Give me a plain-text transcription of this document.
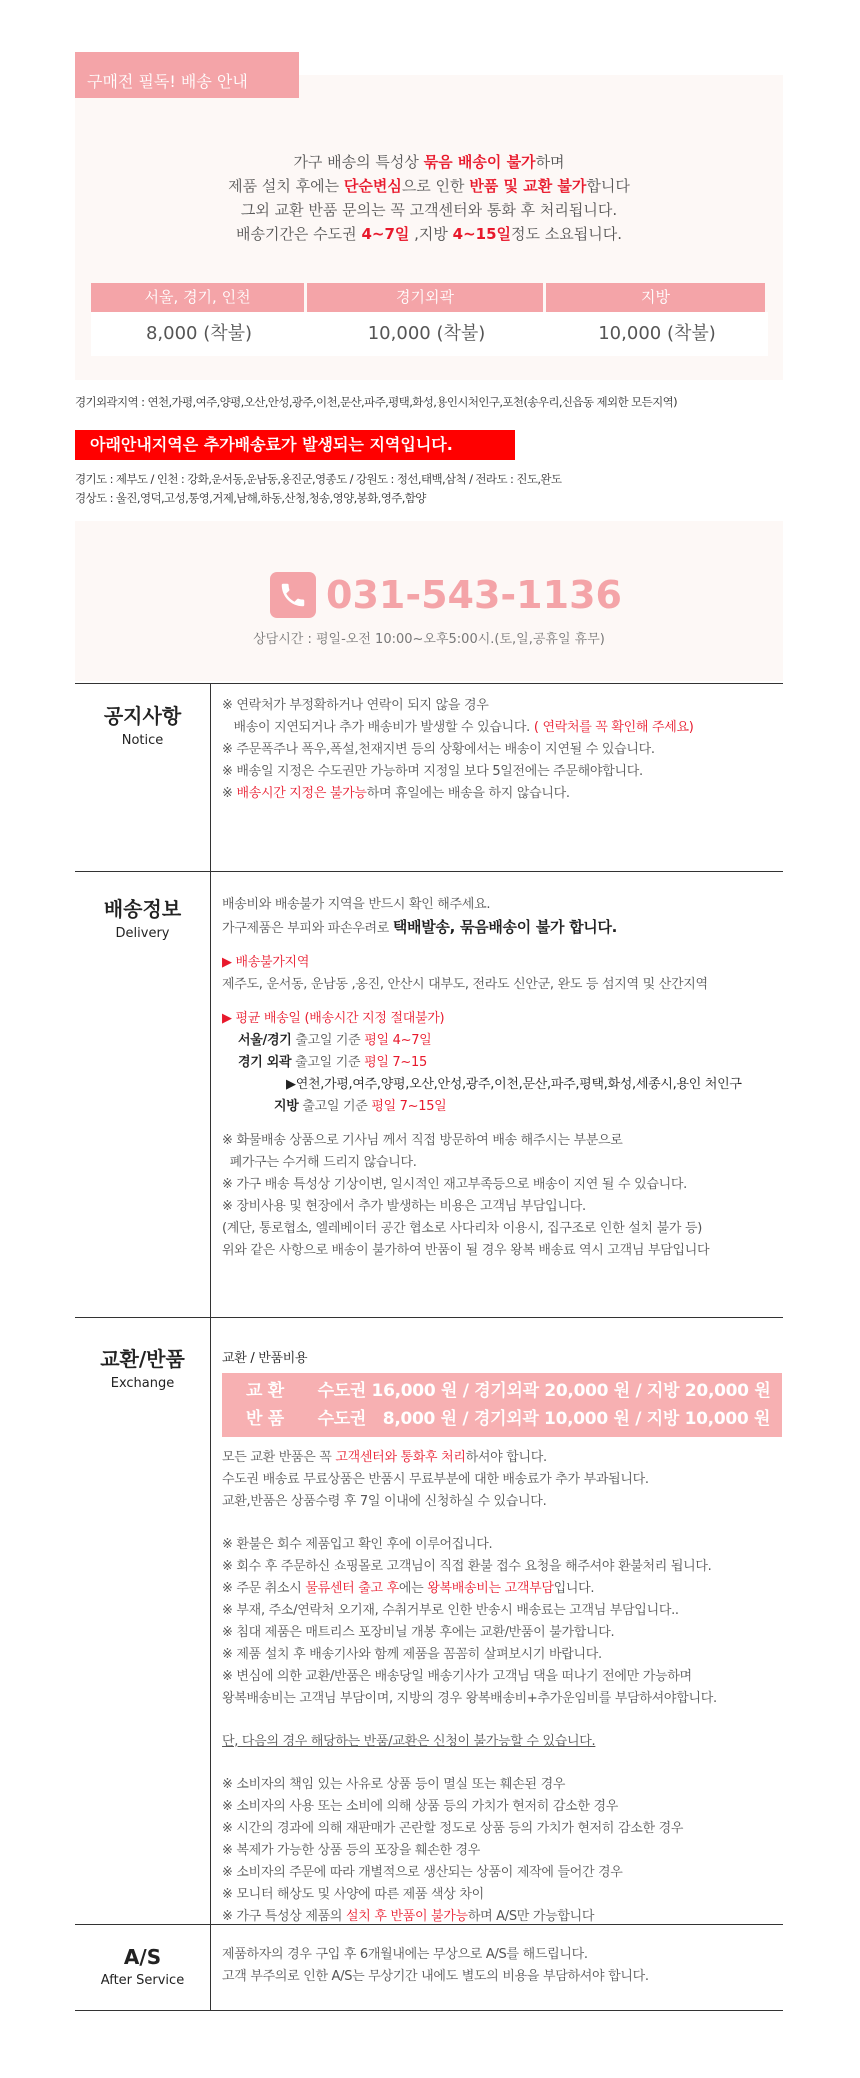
구매전 필독! 배송 안내

가구 배송의 특성상 묶음 배송이 불가하며

제품 설치 후에는 단순변심으로 인한 반품 및 교환 불가합니다

그외 교환 반품 문의는 꼭 고객센터와 통화 후 처리됩니다.

배송기간은 수도권 4~7일 ,지방 4~15일정도 소요됩니다.

서울, 경기, 인천	경기외곽	지방
8,000 (착불)	10,000 (착불)	10,000 (착불)
경기외곽지역 : 연천,가평,여주,양평,오산,안성,광주,이천,문산,파주,평택,화성,용인시처인구,포천(송우리,신읍동 제외한 모든지역)
아래안내지역은 추가배송료가 발생되는 지역입니다.

경기도 : 제부도 / 인천 : 강화,운서동,운남동,옹진군,영종도 / 강원도 : 정선,태백,삼척 / 전라도 : 진도,완도

경상도 : 울진,영덕,고성,통영,거제,남해,하동,산청,청송,영양,봉화,영주,함양

031-543-1136
상담시간 : 평일-오전 10:00~오후5:00시.(토,일,공휴일 휴무)
공지사항
Notice

※ 연락처가 부정확하거나 연락이 되지 않을 경우

배송이 지연되거나 추가 배송비가 발생할 수 있습니다. ( 연락처를 꼭 확인해 주세요)

※ 주문폭주나 폭우,폭설,천재지변 등의 상황에서는 배송이 지연될 수 있습니다.

※ 배송일 지정은 수도권만 가능하며 지정일 보다 5일전에는 주문해야합니다.

※ 배송시간 지정은 불가능하며 휴일에는 배송을 하지 않습니다.

배송정보
Delivery

배송비와 배송불가 지역을 반드시 확인 해주세요.

가구제품은 부피와 파손우려로 택배발송, 묶음배송이 불가 합니다.

▶ 배송불가지역

제주도, 운서동, 운남동 ,옹진, 안산시 대부도, 전라도 신안군, 완도 등 섬지역 및 산간지역

▶ 평균 배송일 (배송시간 지정 절대불가)

서울/경기 출고일 기준 평일 4~7일

경기 외곽 출고일 기준 평일 7~15

▶연천,가평,여주,양평,오산,안성,광주,이천,문산,파주,평택,화성,세종시,용인 처인구

지방 출고일 기준 평일 7~15일

※ 화물배송 상품으로 기사님 께서 직접 방문하여 배송 해주시는 부분으로

폐가구는 수거해 드리지 않습니다.

※ 가구 배송 특성상 기상이변, 일시적인 재고부족등으로 배송이 지연 될 수 있습니다.

※ 장비사용 및 현장에서 추가 발생하는 비용은 고객님 부담입니다.

(계단, 통로협소, 엘레베이터 공간 협소로 사다리차 이용시, 집구조로 인한 설치 불가 등)

위와 같은 사항으로 배송이 불가하여 반품이 될 경우 왕복 배송료 역시 고객님 부담입니다

교환/반품
Exchange

교환 / 반품비용

교 환      수도권 16,000 원 / 경기외곽 20,000 원 / 지방 20,000 원

반 품      수도권   8,000 원 / 경기외곽 10,000 원 / 지방 10,000 원

모든 교환 반품은 꼭 고객센터와 통화후 처리하셔야 합니다.

수도권 배송료 무료상품은 반품시 무료부분에 대한 배송료가 추가 부과됩니다.

교환,반품은 상품수령 후 7일 이내에 신청하실 수 있습니다.

※ 환불은 회수 제품입고 확인 후에 이루어집니다.

※ 회수 후 주문하신 쇼핑몰로 고객님이 직접 환불 접수 요청을 해주셔야 환불처리 됩니다.

※ 주문 취소시 물류센터 출고 후에는 왕복배송비는 고객부담입니다.

※ 부재, 주소/연락처 오기재, 수취거부로 인한 반송시 배송료는 고객님 부담입니다..

※ 침대 제품은 매트리스 포장비닐 개봉 후에는 교환/반품이 불가합니다.

※ 제품 설치 후 배송기사와 함께 제품을 꼼꼼히 살펴보시기 바랍니다.

※ 변심에 의한 교환/반품은 배송당일 배송기사가 고객님 댁을 떠나기 전에만 가능하며

왕복배송비는 고객님 부담이며, 지방의 경우 왕복배송비+추가운임비를 부담하셔야합니다.

단, 다음의 경우 해당하는 반품/교환은 신청이 불가능할 수 있습니다.

※ 소비자의 책임 있는 사유로 상품 등이 멸실 또는 훼손된 경우

※ 소비자의 사용 또는 소비에 의해 상품 등의 가치가 현저히 감소한 경우

※ 시간의 경과에 의해 재판매가 곤란할 정도로 상품 등의 가치가 현저히 감소한 경우

※ 복제가 가능한 상품 등의 포장을 훼손한 경우

※ 소비자의 주문에 따라 개별적으로 생산되는 상품이 제작에 들어간 경우

※ 모니터 해상도 및 사양에 따른 제품 색상 차이

※ 가구 특성상 제품의 설치 후 반품이 불가능하며 A/S만 가능합니다

A/S
After Service

제품하자의 경우 구입 후 6개월내에는 무상으로 A/S를 해드립니다.

고객 부주의로 인한 A/S는 무상기간 내에도 별도의 비용을 부담하셔야 합니다.
